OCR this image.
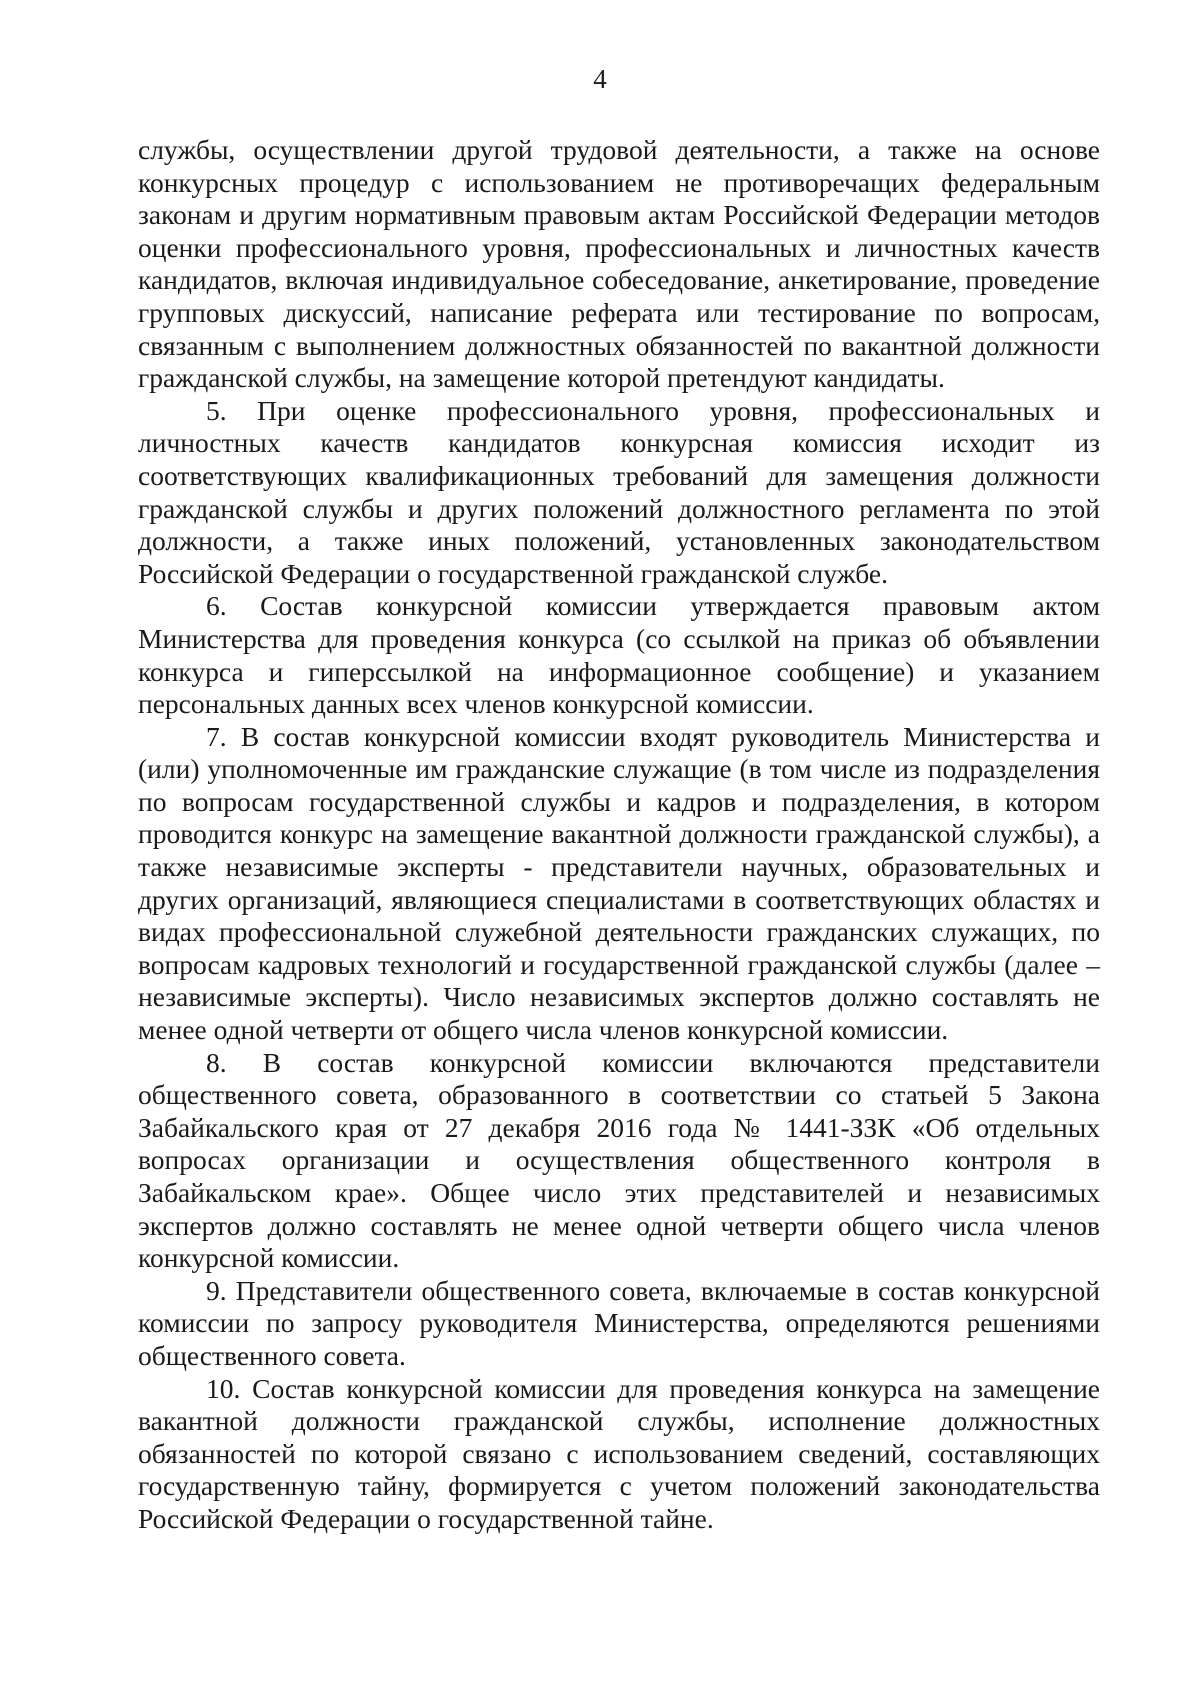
4

службы, осуществлении другой трудовой деятельности, а также на основе конкурсных процедур с использованием не противоречащих федеральным законам и другим нормативным правовым актам Российской Федерации методов оценки профессионального уровня, профессиональных и личностных качеств кандидатов, включая индивидуальное собеседование, анкетирование, проведение групповых дискуссий, написание реферата или тестирование по вопросам, связанным с выполнением должностных обязанностей по вакантной должности гражданской службы, на замещение которой претендуют кандидаты.

5. При оценке профессионального уровня, профессиональных и личностных качеств кандидатов конкурсная комиссия исходит из соответствующих квалификационных требований для замещения должности гражданской службы и других положений должностного регламента по этой должности, а также иных положений, установленных законодательством Российской Федерации о государственной гражданской службе.

6. Состав конкурсной комиссии утверждается правовым актом Министерства для проведения конкурса (со ссылкой на приказ об объявлении конкурса и гиперссылкой на информационное сообщение) и указанием персональных данных всех членов конкурсной комиссии.

7. В состав конкурсной комиссии входят руководитель Министерства и (или) уполномоченные им гражданские служащие (в том числе из подразделения по вопросам государственной службы и кадров и подразделения, в котором проводится конкурс на замещение вакантной должности гражданской службы), а также независимые эксперты - представители научных, образовательных и других организаций, являющиеся специалистами в соответствующих областях и видах профессиональной служебной деятельности гражданских служащих, по вопросам кадровых технологий и государственной гражданской службы (далее – независимые эксперты). Число независимых экспертов должно составлять не менее одной четверти от общего числа членов конкурсной комиссии.

8. В состав конкурсной комиссии включаются представители общественного совета, образованного в соответствии со статьей 5 Закона Забайкальского края от 27 декабря 2016 года № 1441-ЗЗК «Об отдельных вопросах организации и осуществления общественного контроля в Забайкальском крае». Общее число этих представителей и независимых экспертов должно составлять не менее одной четверти общего числа членов конкурсной комиссии.

9. Представители общественного совета, включаемые в состав конкурсной комиссии по запросу руководителя Министерства, определяются решениями общественного совета.

10. Состав конкурсной комиссии для проведения конкурса на замещение вакантной должности гражданской службы, исполнение должностных обязанностей по которой связано с использованием сведений, составляющих государственную тайну, формируется с учетом положений законодательства Российской Федерации о государственной тайне.
